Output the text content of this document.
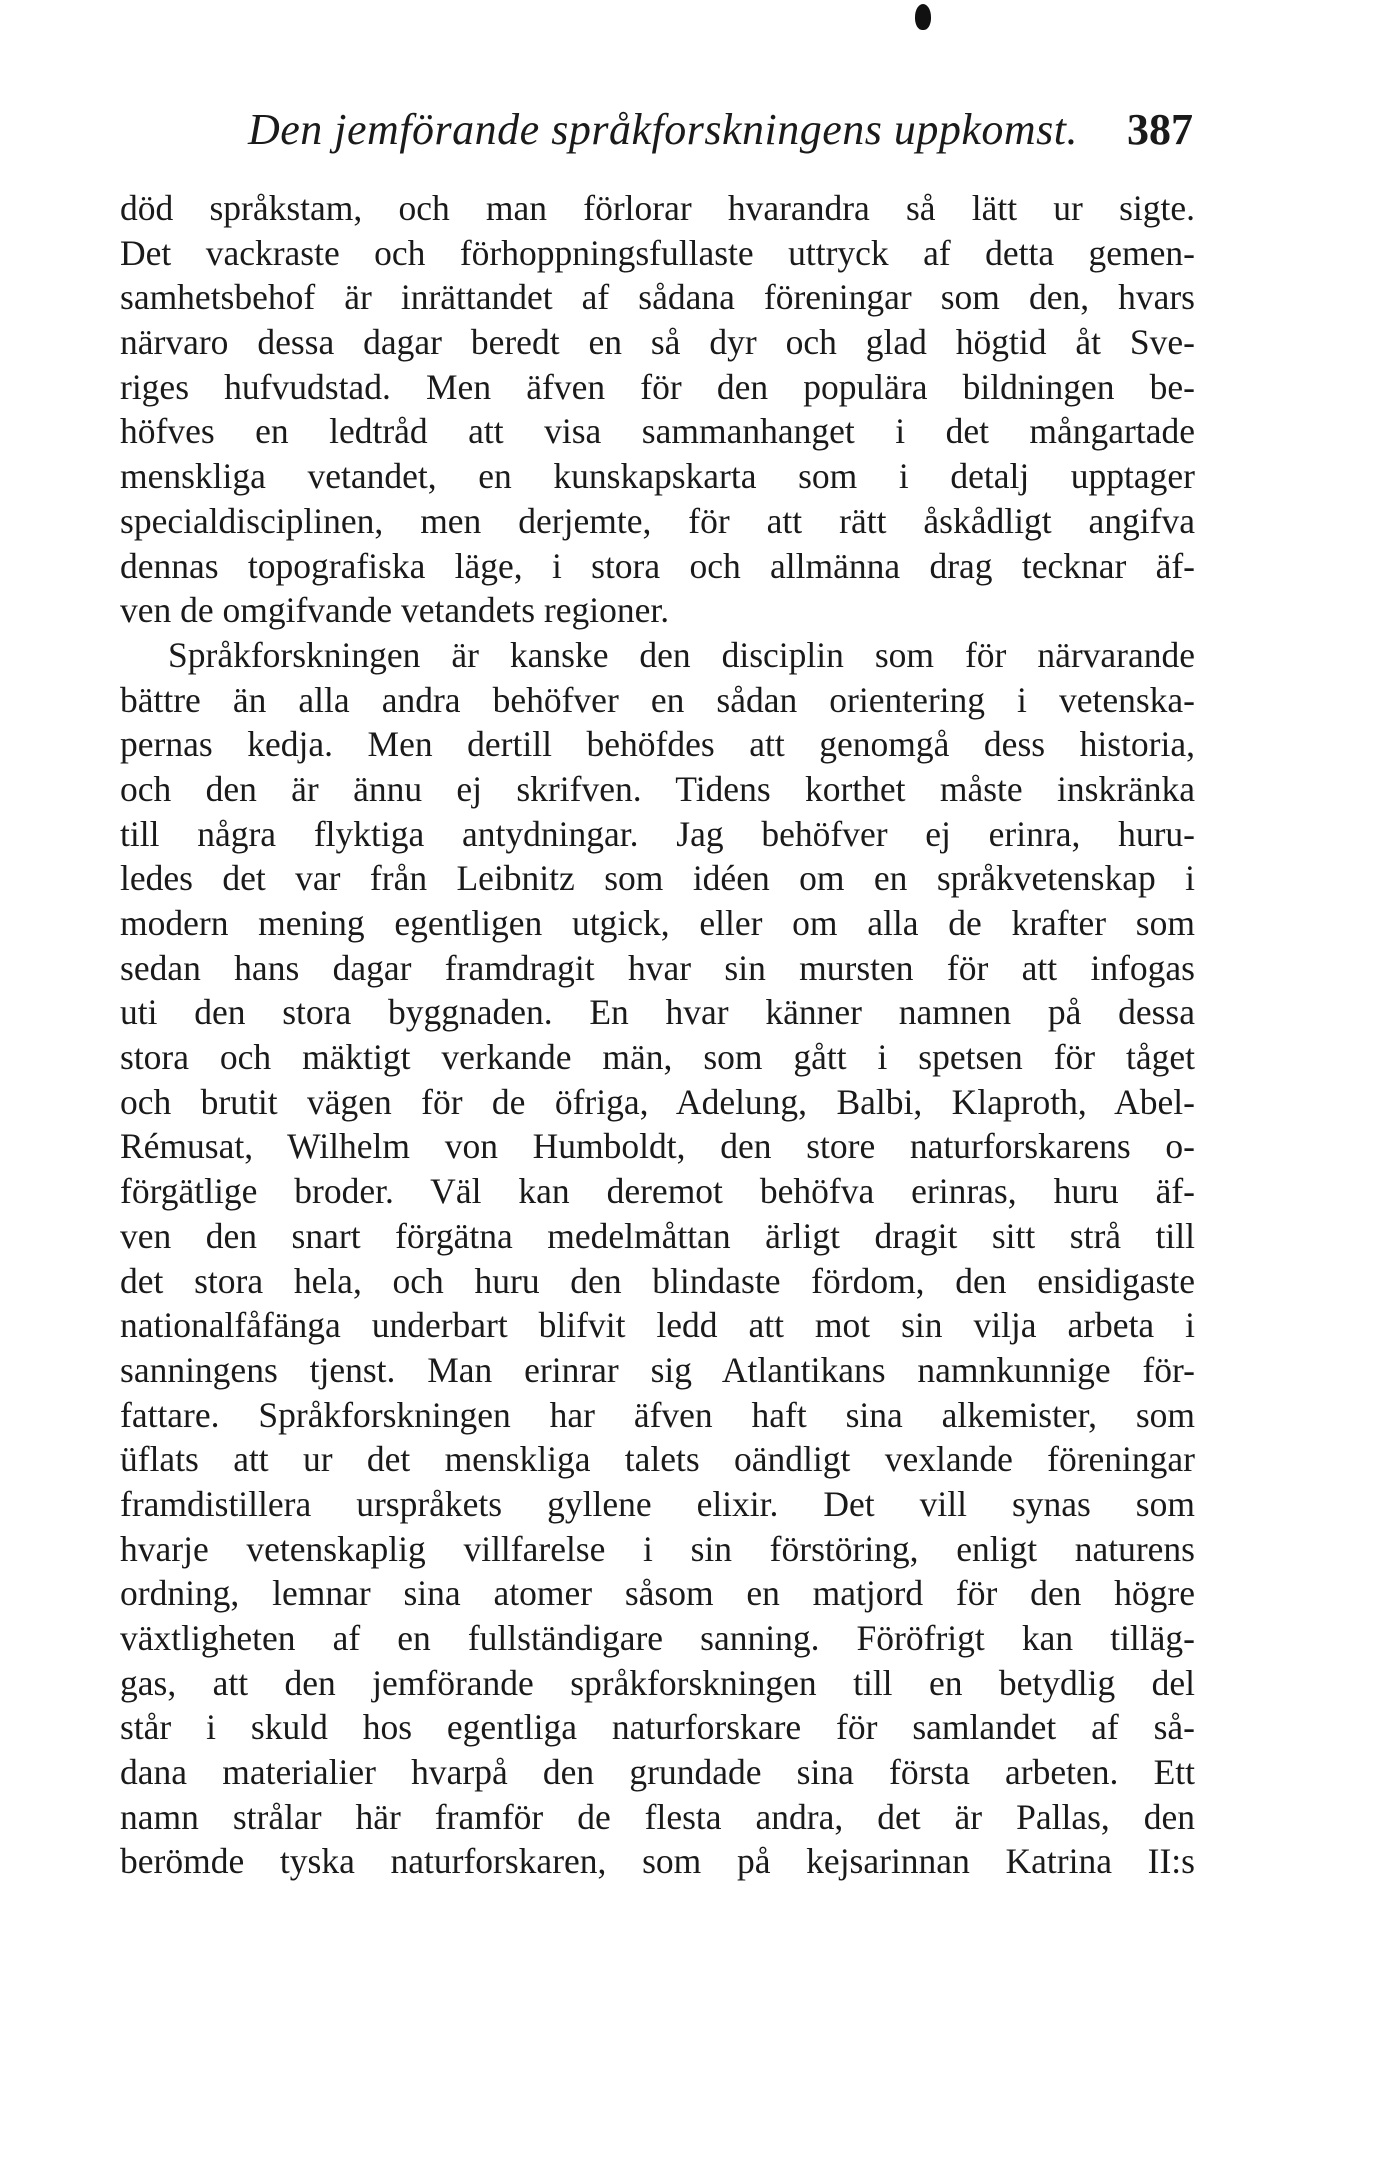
Den jemförande språkforskningens uppkomst. 387
död språkstam, och man förlorar hvarandra så lätt ur sigte.
Det vackraste och förhoppningsfullaste uttryck af detta gemen-
samhetsbehof är inrättandet af sådana föreningar som den, hvars
närvaro dessa dagar beredt en så dyr och glad högtid åt Sve-
riges hufvudstad. Men äfven för den populära bildningen be-
höfves en ledtråd att visa sammanhanget i det mångartade
menskliga vetandet, en kunskapskarta som i detalj upptager
specialdisciplinen, men derjemte, för att rätt åskådligt angifva
dennas topografiska läge, i stora och allmänna drag tecknar äf-
ven de omgifvande vetandets regioner.
Språkforskningen är kanske den disciplin som för närvarande
bättre än alla andra behöfver en sådan orientering i vetenska-
pernas kedja. Men dertill behöfdes att genomgå dess historia,
och den är ännu ej skrifven. Tidens korthet måste inskränka
till några flyktiga antydningar. Jag behöfver ej erinra, huru-
ledes det var från Leibnitz som idéen om en språkvetenskap i
modern mening egentligen utgick, eller om alla de krafter som
sedan hans dagar framdragit hvar sin mursten för att infogas
uti den stora byggnaden. En hvar känner namnen på dessa
stora och mäktigt verkande män, som gått i spetsen för tåget
och brutit vägen för de öfriga, Adelung, Balbi, Klaproth, Abel-
Rémusat, Wilhelm von Humboldt, den store naturforskarens o-
förgätlige broder. Väl kan deremot behöfva erinras, huru äf-
ven den snart förgätna medelmåttan ärligt dragit sitt strå till
det stora hela, och huru den blindaste fördom, den ensidigaste
nationalfåfänga underbart blifvit ledd att mot sin vilja arbeta i
sanningens tjenst. Man erinrar sig Atlantikans namnkunnige för-
fattare. Språkforskningen har äfven haft sina alkemister, som
üflats att ur det menskliga talets oändligt vexlande föreningar
framdistillera urspråkets gyllene elixir. Det vill synas som
hvarje vetenskaplig villfarelse i sin förstöring, enligt naturens
ordning, lemnar sina atomer såsom en matjord för den högre
växtligheten af en fullständigare sanning. Föröfrigt kan tilläg-
gas, att den jemförande språkforskningen till en betydlig del
står i skuld hos egentliga naturforskare för samlandet af så-
dana materialier hvarpå den grundade sina första arbeten. Ett
namn strålar här framför de flesta andra, det är Pallas, den
berömde tyska naturforskaren, som på kejsarinnan Katrina II:s
